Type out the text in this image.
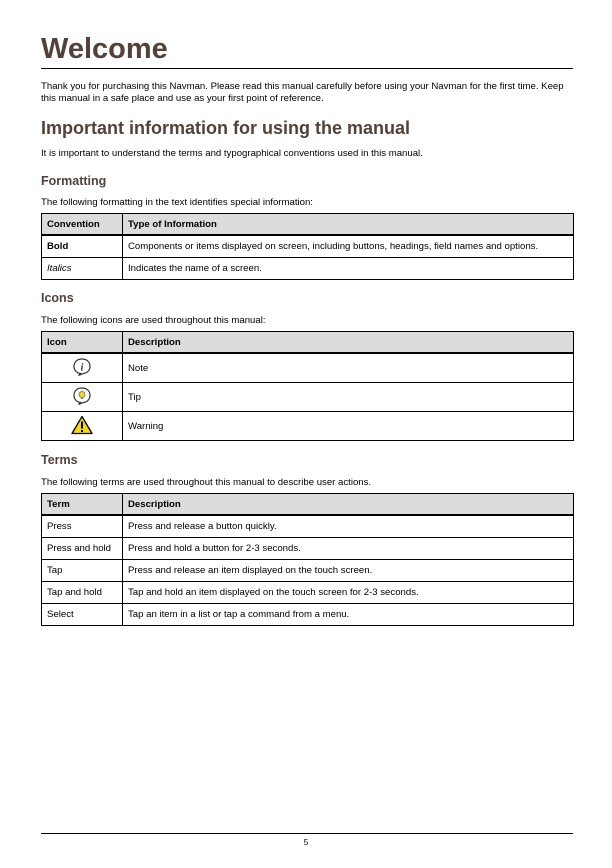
Welcome

Thank you for purchasing this Navman. Please read this manual carefully before using your Navman for the first time. Keep this manual in a safe place and use as your first point of reference.

Important information for using the manual

It is important to understand the terms and typographical conventions used in this manual.

Formatting

The following formatting in the text identifies special information:

Convention	Type of Information
Bold	Components or items displayed on screen, including buttons, headings, field names and options.
Italics	Indicates the name of a screen.
Icons

The following icons are used throughout this manual:

Icon	Description

i	Note
	Tip
	Warning
Terms

The following terms are used throughout this manual to describe user actions.

Term	Description
Press	Press and release a button quickly.
Press and hold	Press and hold a button for 2-3 seconds.
Tap	Press and release an item displayed on the touch screen.
Tap and hold	Tap and hold an item displayed on the touch screen for 2-3 seconds.
Select	Tap an item in a list or tap a command from a menu.
5
